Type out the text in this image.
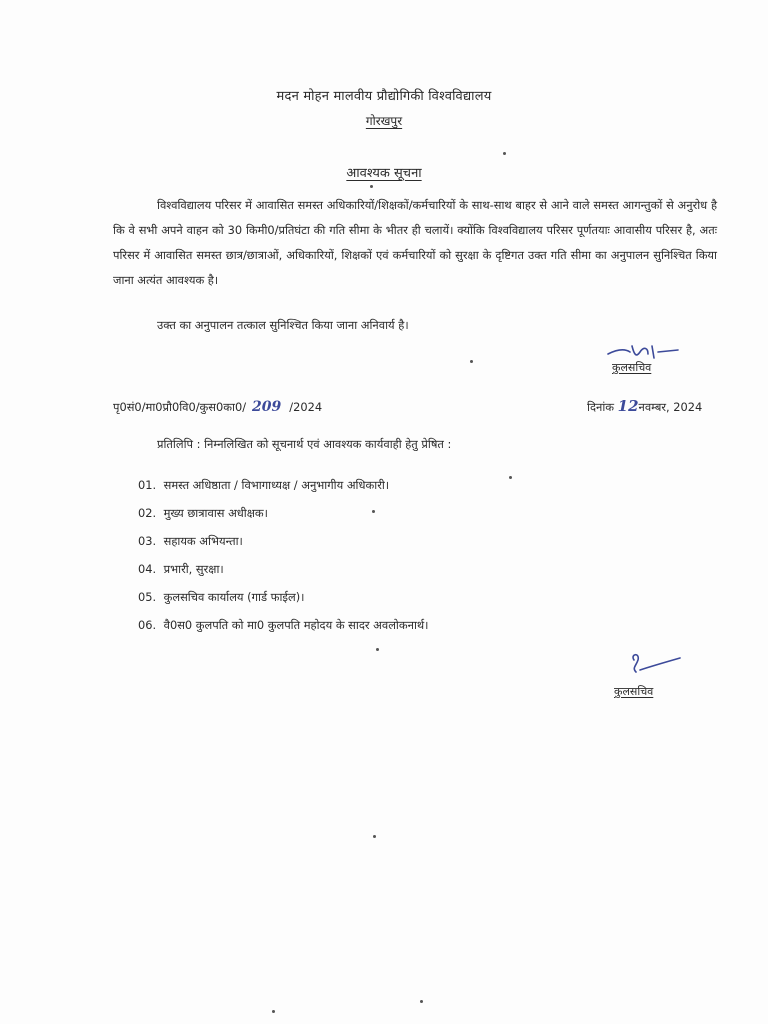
मदन मोहन मालवीय प्रौद्योगिकी विश्वविद्यालय
गोरखपुर
आवश्यक सूचना

विश्वविद्यालय परिसर में आवासित समस्त अधिकारियों/शिक्षकों/कर्मचारियों के साथ-साथ बाहर से आने वाले समस्त आगन्तुकों से अनुरोध है कि वे सभी अपने वाहन को 30 किमी0/प्रतिघंटा की गति सीमा के भीतर ही चलायें। क्योंकि विश्वविद्यालय परिसर पूर्णतयाः आवासीय परिसर है, अतः परिसर में आवासित समस्त छात्र/छात्राओं, अधिकारियों, शिक्षकों एवं कर्मचारियों को सुरक्षा के दृष्टिगत उक्त गति सीमा का अनुपालन सुनिश्चित किया जाना अत्यंत आवश्यक है।

उक्त का अनुपालन तत्काल सुनिश्चित किया जाना अनिवार्य है।

कुलसचिव
पृ0सं0/मा0प्रौ0वि0/कुस0का0/ 209 /2024	दिनांक 12नवम्बर, 2024
प्रतिलिपि : निम्नलिखित को सूचनार्थ एवं आवश्यक कार्यवाही हेतु प्रेषित :
01. समस्त अधिष्ठाता / विभागाध्यक्ष / अनुभागीय अधिकारी।
02. मुख्य छात्रावास अधीक्षक।
03. सहायक अभियन्ता।
04. प्रभारी, सुरक्षा।
05. कुलसचिव कार्यालय (गार्ड फाईल)।
06. वै0स0 कुलपति को मा0 कुलपति महोदय के सादर अवलोकनार्थ।
कुलसचिव
